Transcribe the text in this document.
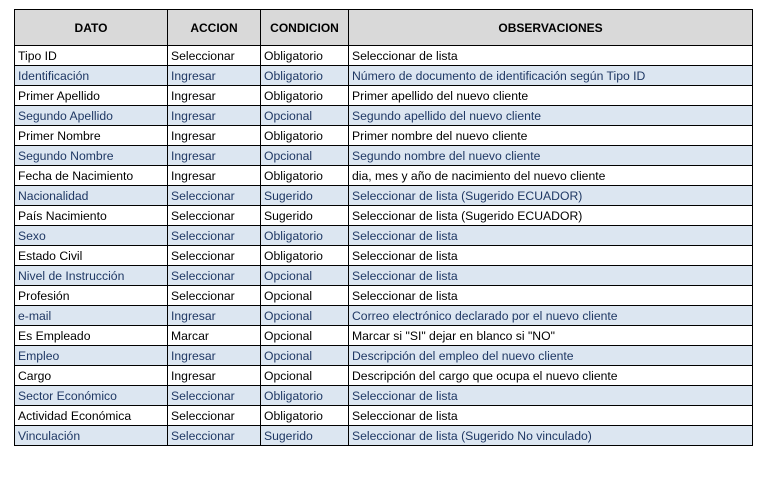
DATO	ACCION	CONDICION	OBSERVACIONES
Tipo ID	Seleccionar	Obligatorio	Seleccionar de lista
Identificación	Ingresar	Obligatorio	Número de documento de identificación según Tipo ID
Primer Apellido	Ingresar	Obligatorio	Primer apellido del nuevo cliente
Segundo Apellido	Ingresar	Opcional	Segundo apellido del nuevo cliente
Primer Nombre	Ingresar	Obligatorio	Primer nombre del nuevo cliente
Segundo Nombre	Ingresar	Opcional	Segundo nombre del nuevo cliente
Fecha de Nacimiento	Ingresar	Obligatorio	dia, mes y año de nacimiento del nuevo cliente
Nacionalidad	Seleccionar	Sugerido	Seleccionar de lista (Sugerido ECUADOR)
País Nacimiento	Seleccionar	Sugerido	Seleccionar de lista (Sugerido ECUADOR)
Sexo	Seleccionar	Obligatorio	Seleccionar de lista
Estado Civil	Seleccionar	Obligatorio	Seleccionar de lista
Nivel de Instrucción	Seleccionar	Opcional	Seleccionar de lista
Profesión	Seleccionar	Opcional	Seleccionar de lista
e-mail	Ingresar	Opcional	Correo electrónico declarado por el nuevo cliente
Es Empleado	Marcar	Opcional	Marcar si "SI" dejar en blanco si "NO"
Empleo	Ingresar	Opcional	Descripción del empleo del nuevo cliente
Cargo	Ingresar	Opcional	Descripción del cargo que ocupa el nuevo cliente
Sector Económico	Seleccionar	Obligatorio	Seleccionar de lista
Actividad Económica	Seleccionar	Obligatorio	Seleccionar de lista
Vinculación	Seleccionar	Sugerido	Seleccionar de lista (Sugerido No vinculado)
